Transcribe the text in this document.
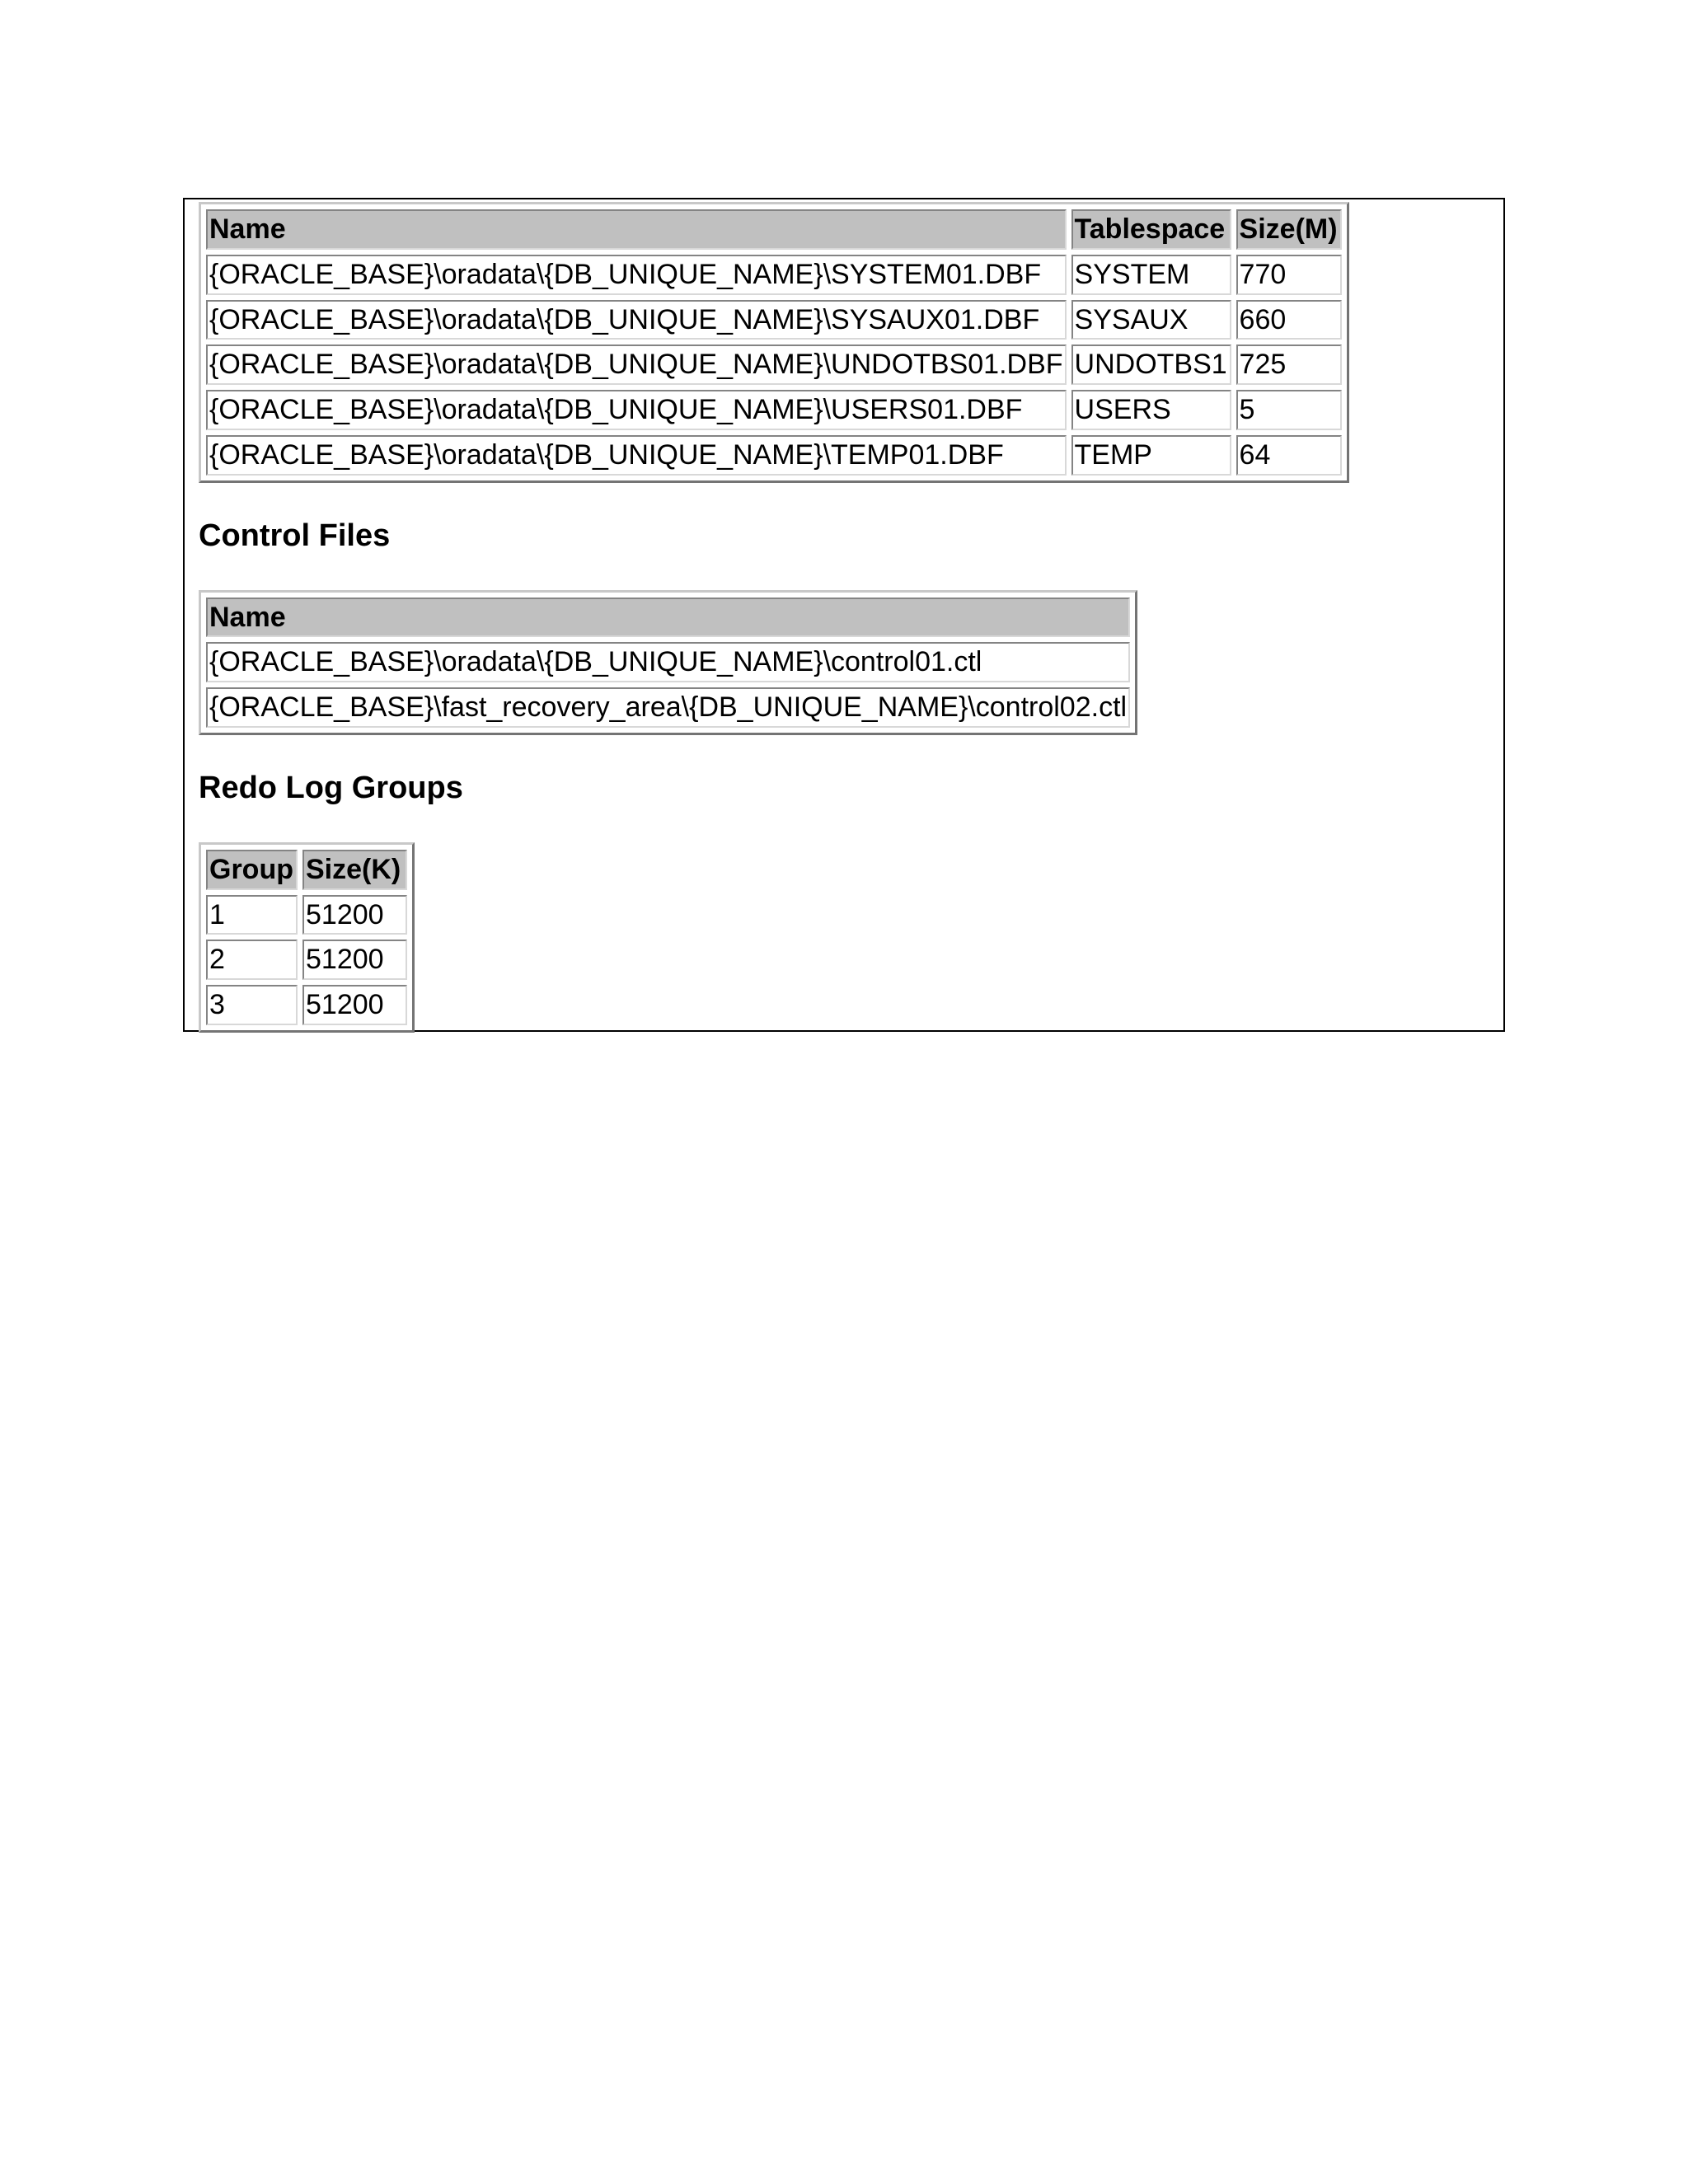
Name	Tablespace	Size(M)
{ORACLE_BASE}\oradata\{DB_UNIQUE_NAME}\SYSTEM01.DBF	SYSTEM	770
{ORACLE_BASE}\oradata\{DB_UNIQUE_NAME}\SYSAUX01.DBF	SYSAUX	660
{ORACLE_BASE}\oradata\{DB_UNIQUE_NAME}\UNDOTBS01.DBF	UNDOTBS1	725
{ORACLE_BASE}\oradata\{DB_UNIQUE_NAME}\USERS01.DBF	USERS	5
{ORACLE_BASE}\oradata\{DB_UNIQUE_NAME}\TEMP01.DBF	TEMP	64
Control Files
Name
{ORACLE_BASE}\oradata\{DB_UNIQUE_NAME}\control01.ctl
{ORACLE_BASE}\fast_recovery_area\{DB_UNIQUE_NAME}\control02.ctl
Redo Log Groups
Group	Size(K)
1	51200
2	51200
3	51200
